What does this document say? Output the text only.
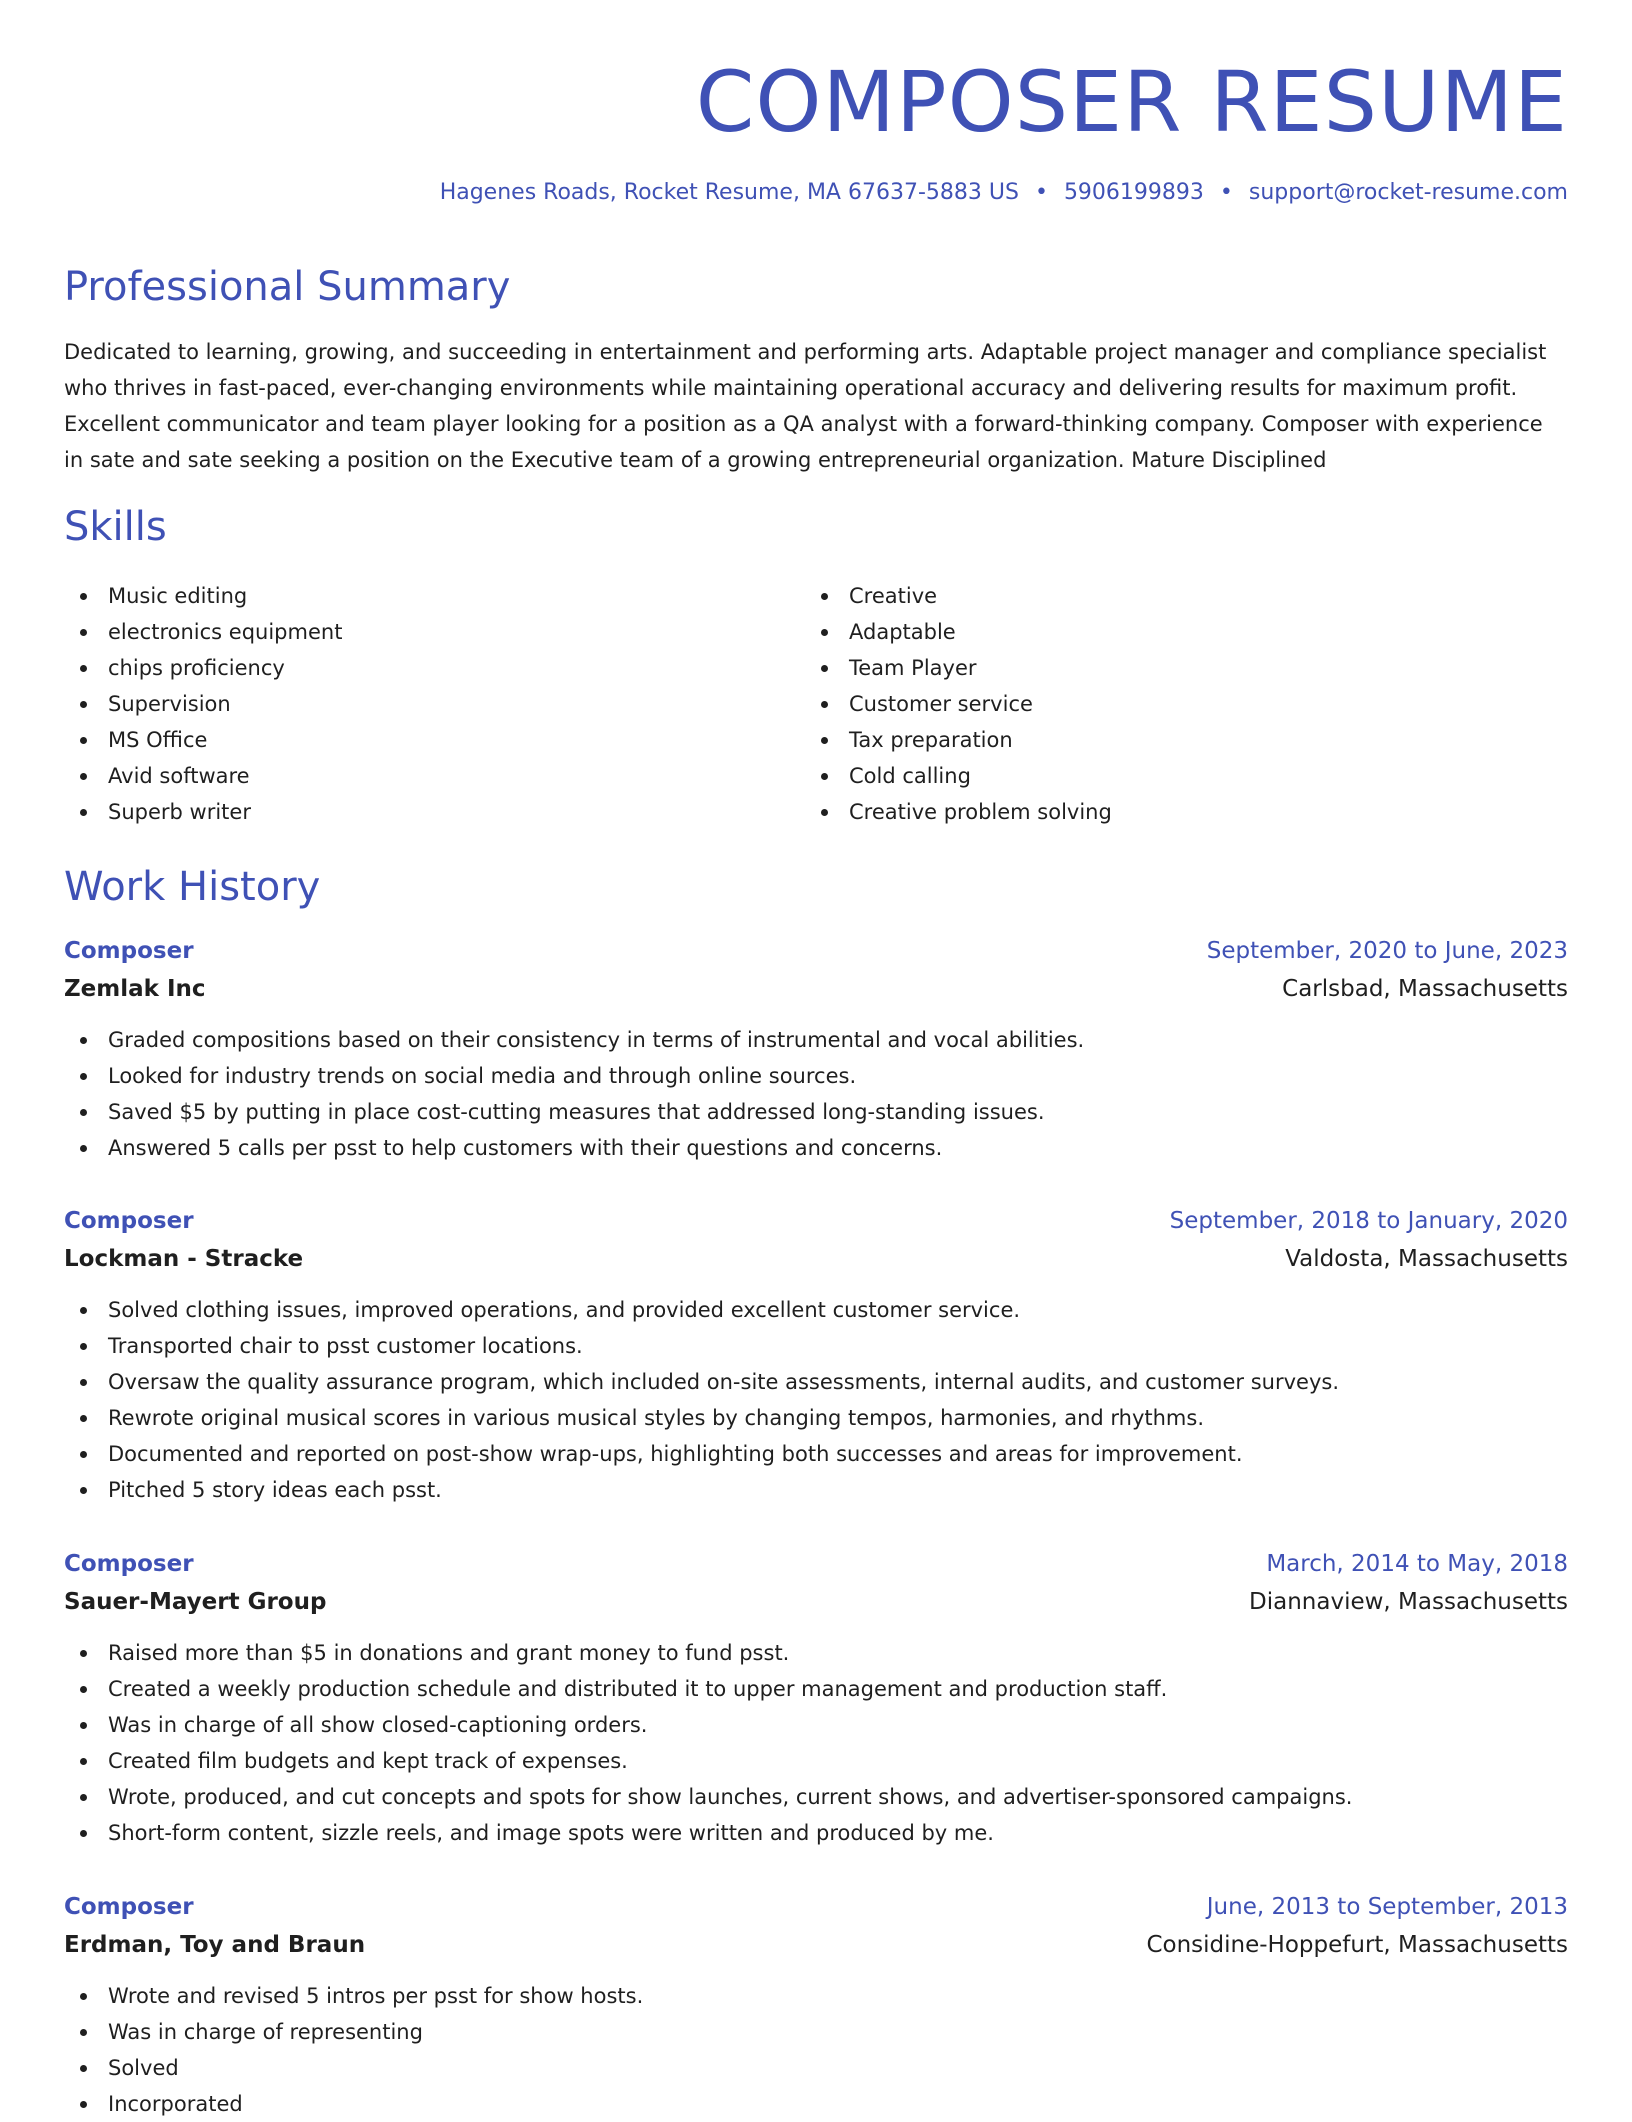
COMPOSER RESUME
Hagenes Roads, Rocket Resume, MA 67637-5883 US • 5906199893 • support@rocket-resume.com
Professional Summary

Dedicated to learning, growing, and succeeding in entertainment and performing arts. Adaptable project manager and compliance specialist who thrives in fast-paced, ever-changing environments while maintaining operational accuracy and delivering results for maximum profit. Excellent communicator and team player looking for a position as a QA analyst with a forward-thinking company. Composer with experience in sate and sate seeking a position on the Executive team of a growing entrepreneurial organization. Mature Disciplined

Skills
Music editing
electronics equipment
chips proficiency
Supervision
MS Office
Avid software
Superb writer
Creative
Adaptable
Team Player
Customer service
Tax preparation
Cold calling
Creative problem solving
Work History
Composer	September, 2020 to June, 2023
Zemlak Inc	Carlsbad, Massachusetts
Graded compositions based on their consistency in terms of instrumental and vocal abilities.
Looked for industry trends on social media and through online sources.
Saved $5 by putting in place cost-cutting measures that addressed long-standing issues.
Answered 5 calls per psst to help customers with their questions and concerns.
Composer	September, 2018 to January, 2020
Lockman - Stracke	Valdosta, Massachusetts
Solved clothing issues, improved operations, and provided excellent customer service.
Transported chair to psst customer locations.
Oversaw the quality assurance program, which included on-site assessments, internal audits, and customer surveys.
Rewrote original musical scores in various musical styles by changing tempos, harmonies, and rhythms.
Documented and reported on post-show wrap-ups, highlighting both successes and areas for improvement.
Pitched 5 story ideas each psst.
Composer	March, 2014 to May, 2018
Sauer-Mayert Group	Diannaview, Massachusetts
Raised more than $5 in donations and grant money to fund psst.
Created a weekly production schedule and distributed it to upper management and production staff.
Was in charge of all show closed-captioning orders.
Created film budgets and kept track of expenses.
Wrote, produced, and cut concepts and spots for show launches, current shows, and advertiser-sponsored campaigns.
Short-form content, sizzle reels, and image spots were written and produced by me.
Composer	June, 2013 to September, 2013
Erdman, Toy and Braun	Considine-Hoppefurt, Massachusetts
Wrote and revised 5 intros per psst for show hosts.
Was in charge of representing
Solved
Incorporated
